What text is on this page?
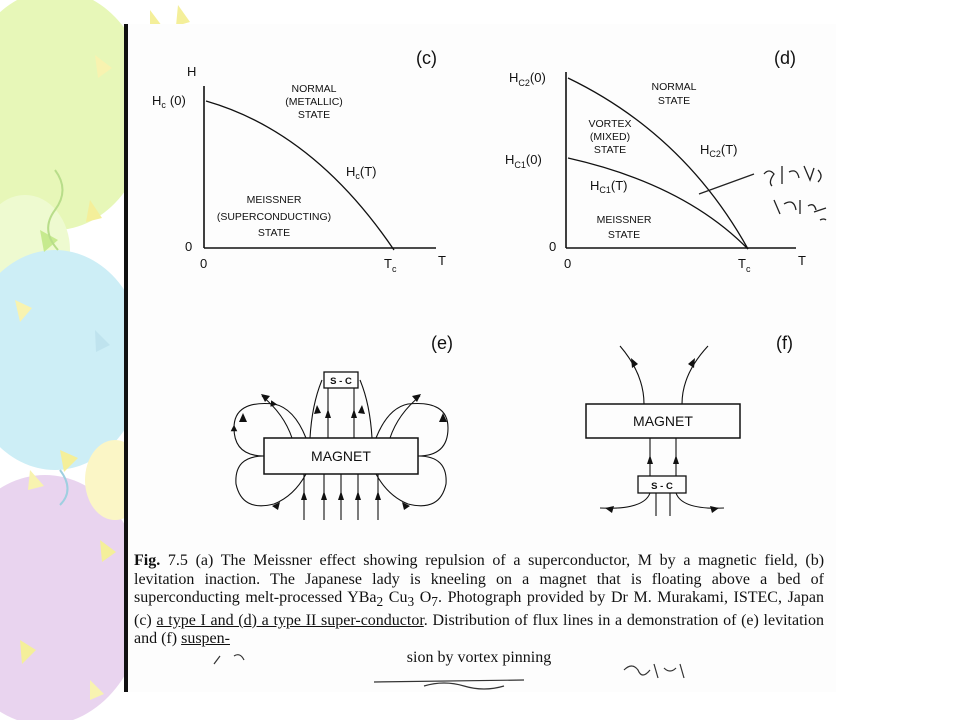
(c)
H
$H_c$ (0)
0
0	$T_c$
T
$H_c(T)$
NORMAL
(METALLIC)
STATE
MEISSNER
(SUPERCONDUCTING)
STATE
(d)
$H_{C2}(0)$
$H_{C1}(0)$
0
0	$T_c$
T
$H_{C2}(T)$
$H_{C1}(T)$
NORMAL
STATE
VORTEX
(MIXED)
STATE
MEISSNER
STATE
(e)
MAGNET
S - C
(f)
MAGNET
S - C
Fig. 7.5 (a) The Meissner effect showing repulsion of a superconductor, M by a magnetic field, (b) levitation inaction. The Japanese lady is kneeling on a magnet that is floating above a bed of superconducting melt-processed YBa$_2$ $Cu_3$ $O_7$. Photograph provided by Dr M. Murakami, ISTEC, Japan (c) a type I and (d) a type II super-conductor. Distribution of flux lines in a demonstration of (e) levitation and (f) suspen-
sion by vortex pinning
